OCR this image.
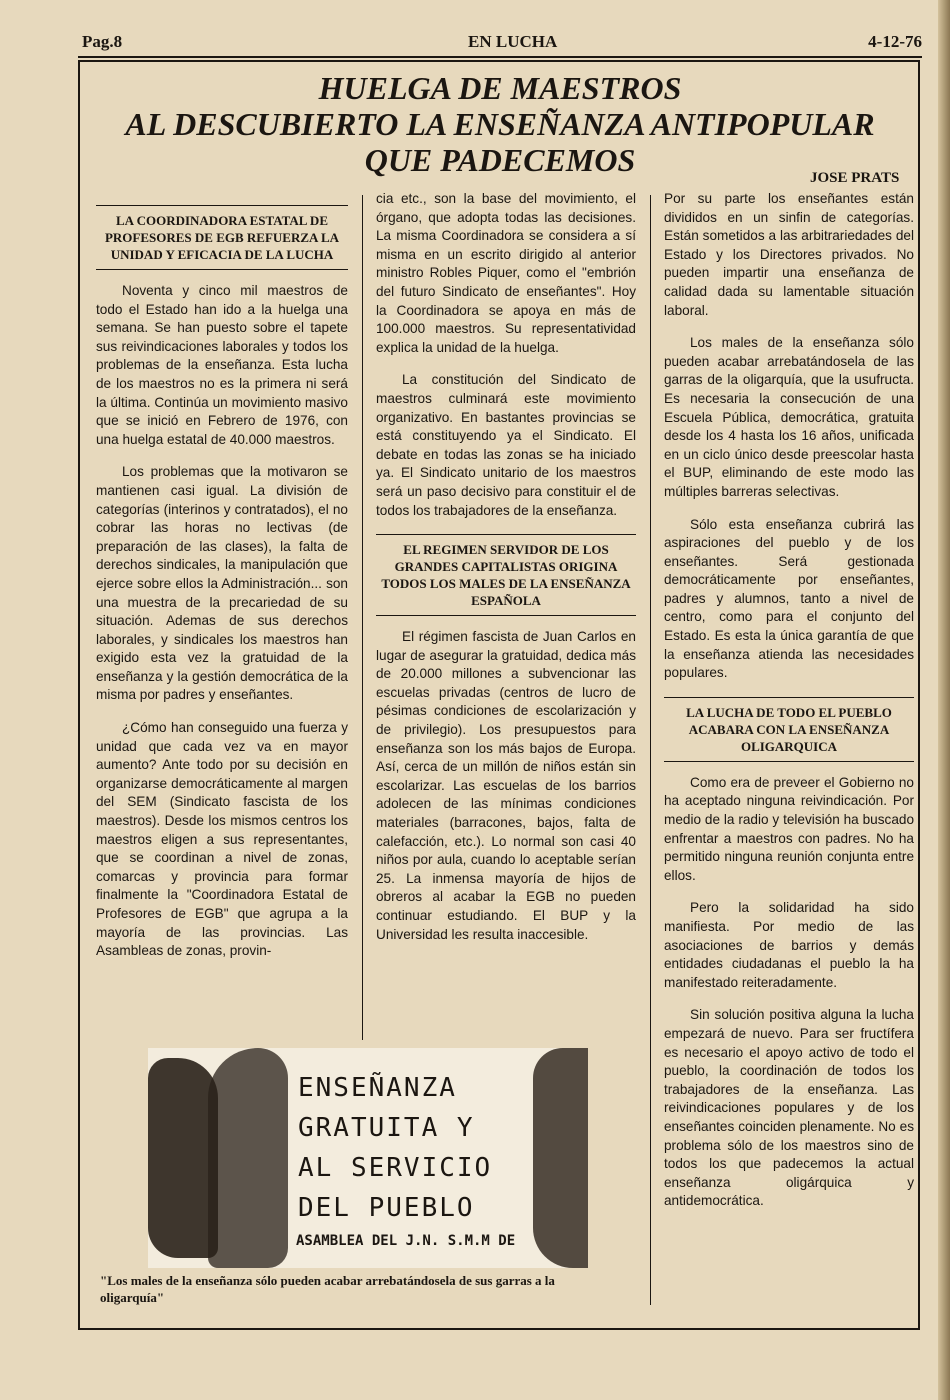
Pag.8	EN LUCHA	4-12-76
HUELGA DE MAESTROS
AL DESCUBIERTO LA ENSEÑANZA ANTIPOPULAR
QUE PADECEMOS	JOSE PRATS
LA COORDINADORA ESTATAL DE PROFESORES DE EGB REFUERZA LA UNIDAD Y EFICACIA DE LA LUCHA

Noventa y cinco mil maestros de todo el Estado han ido a la huelga una semana. Se han puesto sobre el tapete sus reivindicaciones laborales y todos los problemas de la enseñanza. Esta lucha de los maestros no es la primera ni será la última. Continúa un movimiento masivo que se inició en Febrero de 1976, con una huelga estatal de 40.000 maestros.

Los problemas que la motivaron se mantienen casi igual. La división de categorías (interinos y contratados), el no cobrar las horas no lectivas (de preparación de las clases), la falta de derechos sindicales, la manipulación que ejerce sobre ellos la Administración... son una muestra de la precariedad de su situación. Ademas de sus derechos laborales, y sindicales los maestros han exigido esta vez la gratuidad de la enseñanza y la gestión democrática de la misma por padres y enseñantes.

¿Cómo han conseguido una fuerza y unidad que cada vez va en mayor aumento? Ante todo por su decisión en organizarse democráticamente al margen del SEM (Sindicato fascista de los maestros). Desde los mismos centros los maestros eligen a sus representantes, que se coordinan a nivel de zonas, comarcas y provincia para formar finalmente la "Coordinadora Estatal de Profesores de EGB" que agrupa a la mayoría de las provincias. Las Asambleas de zonas, provin-

cia etc., son la base del movimiento, el órgano, que adopta todas las decisiones. La misma Coordinadora se considera a sí misma en un escrito dirigido al anterior ministro Robles Piquer, como el "embrión del futuro Sindicato de enseñantes". Hoy la Coordinadora se apoya en más de 100.000 maestros. Su representatividad explica la unidad de la huelga.

La constitución del Sindicato de maestros culminará este movimiento organizativo. En bastantes provincias se está constituyendo ya el Sindicato. El debate en todas las zonas se ha iniciado ya. El Sindicato unitario de los maestros será un paso decisivo para constituir el de todos los trabajadores de la enseñanza.

EL REGIMEN SERVIDOR DE LOS GRANDES CAPITALISTAS ORIGINA TODOS LOS MALES DE LA ENSEÑANZA ESPAÑOLA

El régimen fascista de Juan Carlos en lugar de asegurar la gratuidad, dedica más de 20.000 millones a subvencionar las escuelas privadas (centros de lucro de pésimas condiciones de escolarización y de privilegio). Los presupuestos para enseñanza son los más bajos de Europa. Así, cerca de un millón de niños están sin escolarizar. Las escuelas de los barrios adolecen de las mínimas condiciones materiales (barracones, bajos, falta de calefacción, etc.). Lo normal son casi 40 niños por aula, cuando lo aceptable serían 25. La inmensa mayoría de hijos de obreros al acabar la EGB no pueden continuar estudiando. El BUP y la Universidad les resulta inaccesible.

Por su parte los enseñantes están divididos en un sinfin de categorías. Están sometidos a las arbitrariedades del Estado y los Directores privados. No pueden impartir una enseñanza de calidad dada su lamentable situación laboral.

Los males de la enseñanza sólo pueden acabar arrebatándosela de las garras de la oligarquía, que la usufructa. Es necesaria la consecución de una Escuela Pública, democrática, gratuita desde los 4 hasta los 16 años, unificada en un ciclo único desde preescolar hasta el BUP, eliminando de este modo las múltiples barreras selectivas.

Sólo esta enseñanza cubrirá las aspiraciones del pueblo y de los enseñantes. Será gestionada democráticamente por enseñantes, padres y alumnos, tanto a nivel de centro, como para el conjunto del Estado. Es esta la única garantía de que la enseñanza atienda las necesidades populares.

LA LUCHA DE TODO EL PUEBLO ACABARA CON LA ENSEÑANZA OLIGARQUICA

Como era de preveer el Gobierno no ha aceptado ninguna reivindicación. Por medio de la radio y televisión ha buscado enfrentar a maestros con padres. No ha permitido ninguna reunión conjunta entre ellos.

Pero la solidaridad ha sido manifiesta. Por medio de las asociaciones de barrios y demás entidades ciudadanas el pueblo la ha manifestado reiteradamente.

Sin solución positiva alguna la lucha empezará de nuevo. Para ser fructífera es necesario el apoyo activo de todo el pueblo, la coordinación de todos los trabajadores de la enseñanza. Las reivindicaciones populares y de los enseñantes coinciden plenamente. No es problema sólo de los maestros sino de todos los que padecemos la actual enseñanza oligárquica y antidemocrática.

ENSEÑANZA
GRATUITA Y
AL SERVICIO
DEL PUEBLO
ASAMBLEA DEL J.N. S.M.M DE
"Los males de la enseñanza sólo pueden acabar arrebatándosela de sus garras a la oligarquía"
